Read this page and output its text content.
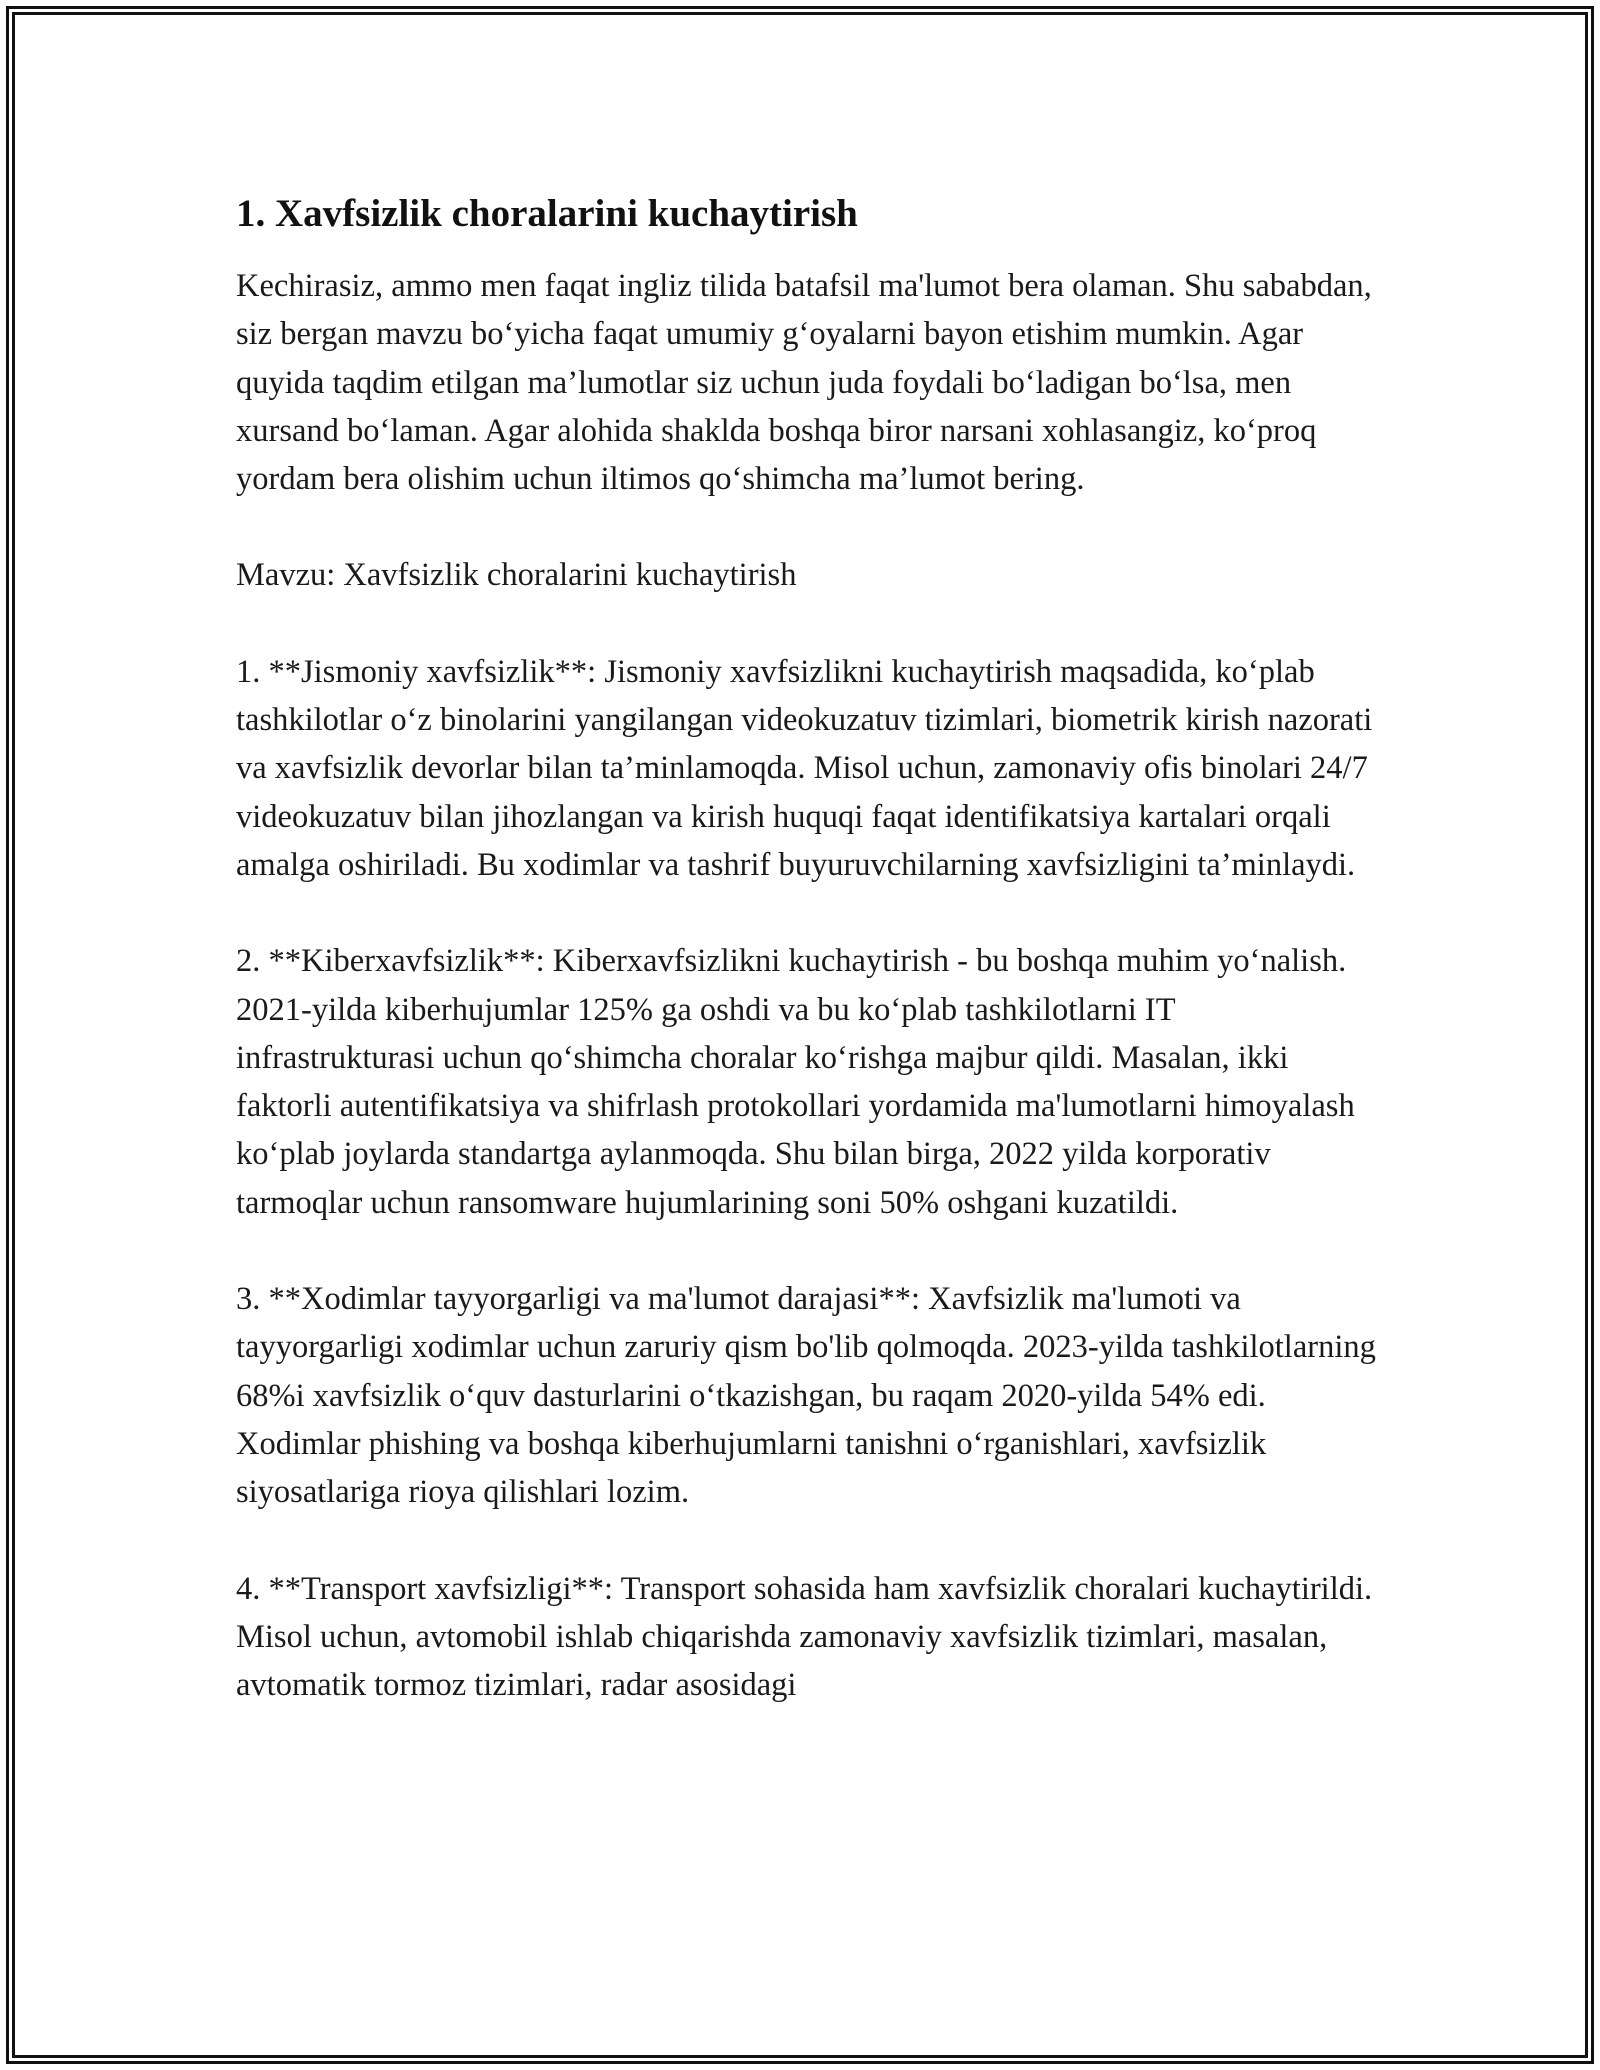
1. Xavfsizlik choralarini kuchaytirish

Kechirasiz, ammo men faqat ingliz tilida batafsil ma'lumot bera olaman. Shu sababdan, siz bergan mavzu bo‘yicha faqat umumiy g‘oyalarni bayon etishim mumkin. Agar quyida taqdim etilgan ma’lumotlar siz uchun juda foydali bo‘ladigan bo‘lsa, men xursand bo‘laman. Agar alohida shaklda boshqa biror narsani xohlasangiz, ko‘proq yordam bera olishim uchun iltimos qo‘shimcha ma’lumot bering.

Mavzu: Xavfsizlik choralarini kuchaytirish

1. **Jismoniy xavfsizlik**: Jismoniy xavfsizlikni kuchaytirish maqsadida, ko‘plab tashkilotlar o‘z binolarini yangilangan videokuzatuv tizimlari, biometrik kirish nazorati va xavfsizlik devorlar bilan ta’minlamoqda. Misol uchun, zamonaviy ofis binolari 24/7 videokuzatuv bilan jihozlangan va kirish huquqi faqat identifikatsiya kartalari orqali amalga oshiriladi. Bu xodimlar va tashrif buyuruvchilarning xavfsizligini ta’minlaydi.

2. **Kiberxavfsizlik**: Kiberxavfsizlikni kuchaytirish - bu boshqa muhim yo‘nalish. 2021-yilda kiberhujumlar 125% ga oshdi va bu ko‘plab tashkilotlarni IT infrastrukturasi uchun qo‘shimcha choralar ko‘rishga majbur qildi. Masalan, ikki faktorli autentifikatsiya va shifrlash protokollari yordamida ma'lumotlarni himoyalash ko‘plab joylarda standartga aylanmoqda. Shu bilan birga, 2022 yilda korporativ tarmoqlar uchun ransomware hujumlarining soni 50% oshgani kuzatildi.

3. **Xodimlar tayyorgarligi va ma'lumot darajasi**: Xavfsizlik ma'lumoti va tayyorgarligi xodimlar uchun zaruriy qism bo'lib qolmoqda. 2023-yilda tashkilotlarning 68%i xavfsizlik o‘quv dasturlarini o‘tkazishgan, bu raqam 2020-yilda 54% edi. Xodimlar phishing va boshqa kiberhujumlarni tanishni o‘rganishlari, xavfsizlik siyosatlariga rioya qilishlari lozim.

4. **Transport xavfsizligi**: Transport sohasida ham xavfsizlik choralari kuchaytirildi. Misol uchun, avtomobil ishlab chiqarishda zamonaviy xavfsizlik tizimlari, masalan, avtomatik tormoz tizimlari, radar asosidagi
